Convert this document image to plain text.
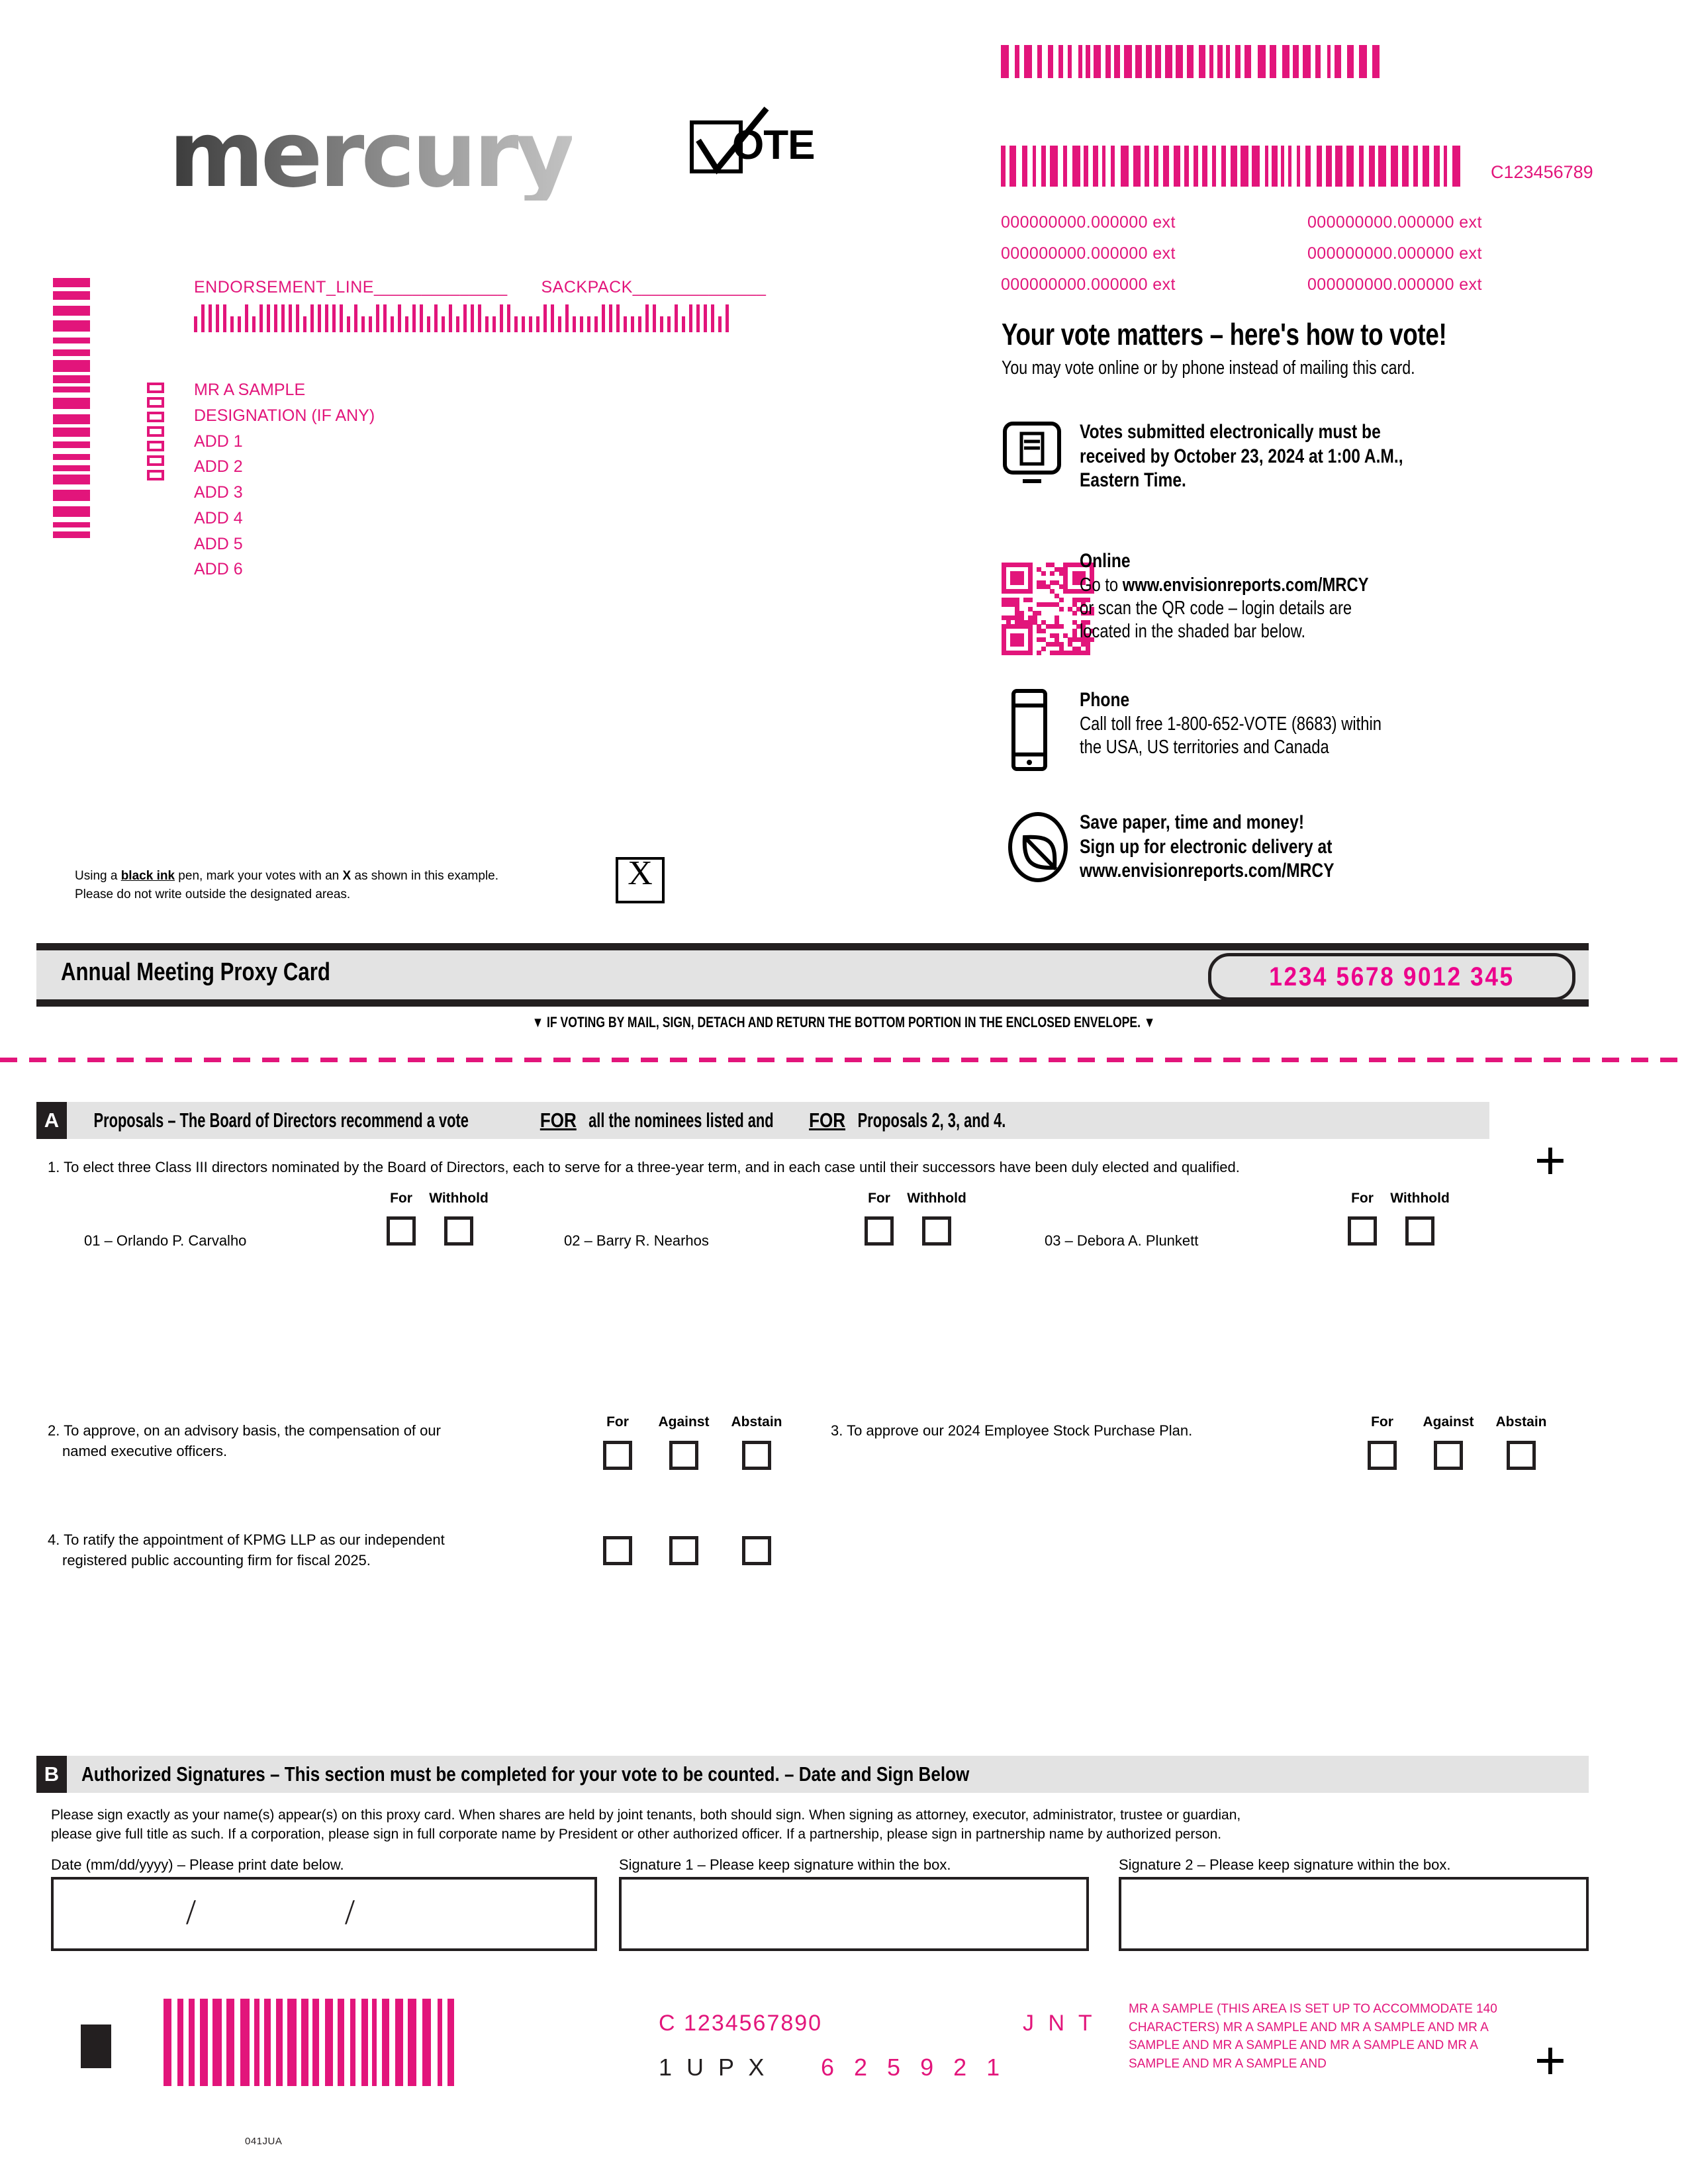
mercury	OTE
ENDORSEMENT_LINE______________ SACKPACK______________
MR A SAMPLE
DESIGNATION (IF ANY)
ADD 1
ADD 2
ADD 3
ADD 4
ADD 5
ADD 6
C123456789
000000000.000000 ext
000000000.000000 ext
000000000.000000 ext
000000000.000000 ext
000000000.000000 ext
000000000.000000 ext
Your vote matters – here's how to vote!
You may vote online or by phone instead of mailing this card.
Votes submitted electronically must be
received by October 23, 2024 at 1:00 A.M.,
Eastern Time.
Online
Go to www.envisionreports.com/MRCY
or scan the QR code – login details are
located in the shaded bar below.
Phone
Call toll free 1-800-652-VOTE (8683) within
the USA, US territories and Canada
Save paper, time and money!
Sign up for electronic delivery at
www.envisionreports.com/MRCY
Using a black ink pen, mark your votes with an X as shown in this example.
Please do not write outside the designated areas.
X
Annual Meeting Proxy Card	1234 5678 9012 345
▼ IF VOTING BY MAIL, SIGN, DETACH AND RETURN THE BOTTOM PORTION IN THE ENCLOSED ENVELOPE. ▼
A	Proposals – The Board of Directors recommend a vote	FORall the nominees listed andFORProposals 2, 3, and 4.
1. To elect three Class III directors nominated by the Board of Directors, each to serve for a three-year term, and in each case until their successors have been duly elected and qualified.	+
01 – Orlando P. Carvalho
For	Withhold
02 – Barry R. Nearhos
For	Withhold
03 – Debora A. Plunkett
For	Withhold
2. To approve, on an advisory basis, the compensation of our
named executive officers.
For	Against	Abstain
3. To approve our 2024 Employee Stock Purchase Plan.
For	Against	Abstain
4. To ratify the appointment of KPMG LLP as our independent
registered public accounting firm for fiscal 2025.
B	Authorized Signatures – This section must be completed for your vote to be counted. – Date and Sign Below
Please sign exactly as your name(s) appear(s) on this proxy card. When shares are held by joint tenants, both should sign. When signing as attorney, executor, administrator, trustee or guardian,
please give full title as such. If a corporation, please sign in full corporate name by President or other authorized officer. If a partnership, please sign in partnership name by authorized person.
Date (mm/dd/yyyy) – Please print date below.	Signature 1 – Please keep signature within the box.	Signature 2 – Please keep signature within the box.
/	/
C 1234567890	J N T
1 U P X 6 2 5 9 2 1
MR A SAMPLE (THIS AREA IS SET UP TO ACCOMMODATE 140 CHARACTERS) MR A SAMPLE AND MR A SAMPLE AND MR A SAMPLE AND MR A SAMPLE AND MR A SAMPLE AND MR A SAMPLE AND MR A SAMPLE AND	+
041JUA
